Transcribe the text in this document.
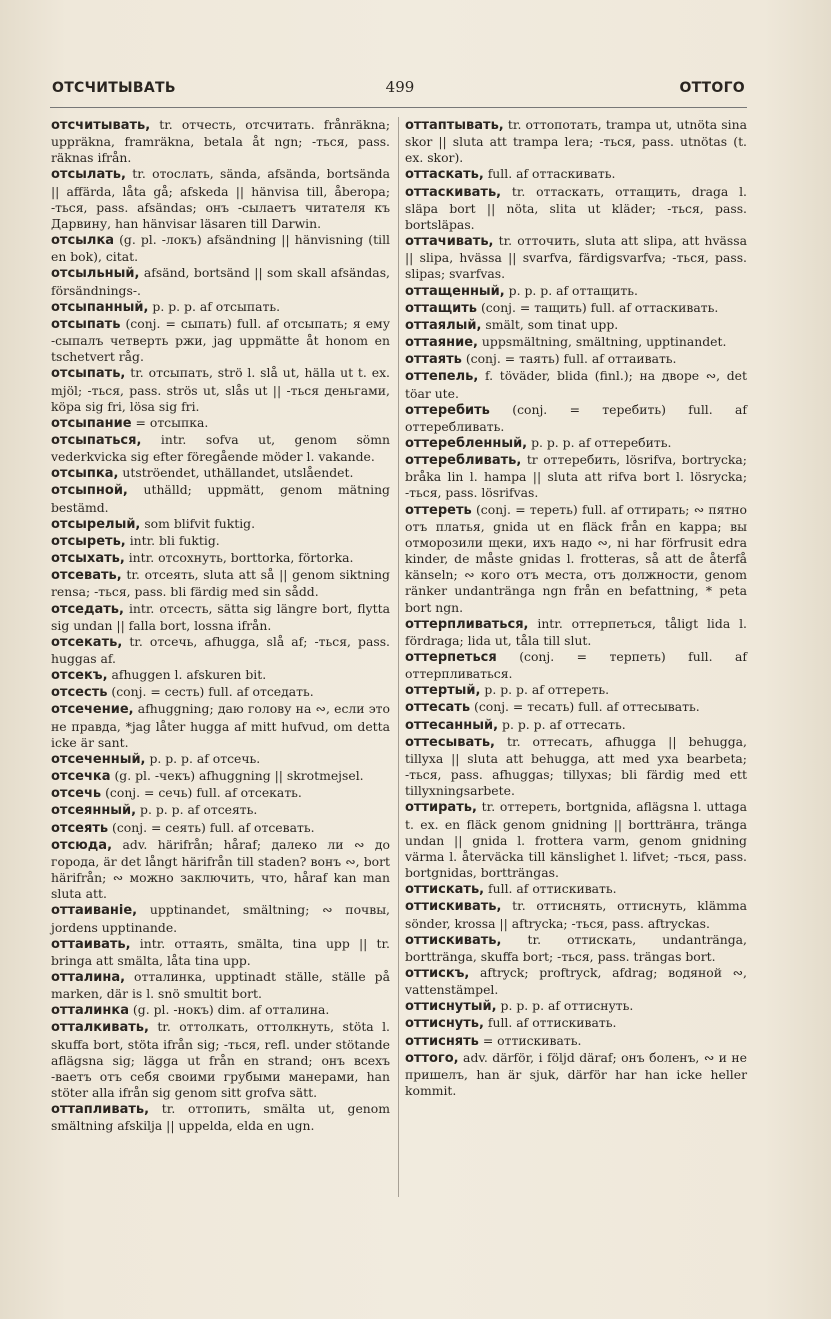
ОТСЧИТЫВАТЬ	499	ОТТОГО

отсчитывать, tr. отчесть, отсчитать. frånräkna; uppräkna, framräkna, betala åt ngn; -ться, pass. räknas ifrån.

отсылать, tr. отослать, sända, afsända, bortsända || affärda, låta gå; afskeda || hänvisa till, åberopa; -ться, pass. afsändas; онъ -сылаетъ читателя къ Дарвину, han hänvisar läsaren till Darwin.

отсылка (g. pl. -локъ) afsändning || hänvisning (till en bok), citat.

отсыльный, afsänd, bortsänd || som skall afsändas, försändnings-.

отсыпанный, p. p. p. af отсыпать.

отсыпать (conj. = сыпать) full. af отсыпать; я ему -сыпалъ четверть ржи, jag uppmätte åt honom en tschetvert råg.

отсыпать, tr. отсыпать, strö l. slå ut, hälla ut t. ex. mjöl; -ться, pass. strös ut, slås ut || -ться деньгами, köpa sig fri, lösa sig fri.

отсыпание = отсыпка.

отсыпаться, intr. sofva ut, genom sömn vederkvicka sig efter föregående möder l. vakande.

отсыпка, utströendet, uthällandet, utslåendet.

отсыпной, uthälld; uppmätt, genom mätning bestämd.

отсырелый, som blifvit fuktig.

отсыреть, intr. bli fuktig.

отсыхать, intr. отсохнуть, borttorka, förtorka.

отсевать, tr. отсеять, sluta att så || genom siktning rensa; -ться, pass. bli färdig med sin sådd.

отседать, intr. отсесть, sätta sig längre bort, flytta sig undan || falla bort, lossna ifrån.

отсекать, tr. отсечь, afhugga, slå af; -ться, pass. huggas af.

отсекъ, afhuggen l. afskuren bit.

отсесть (conj. = сесть) full. af отседать.

отсечение, afhuggning; даю голову на ∾, если это не правда, *jag låter hugga af mitt hufvud, om detta icke är sant.

отсеченный, p. p. p. af отсечь.

отсечка (g. pl. -чекъ) afhuggning || skrotmejsel.

отсечь (conj. = сечь) full. af отсекать.

отсеянный, p. p. p. af отсеять.

отсеять (conj. = сеять) full. af отсевать.

отсюда, adv. härifrån; håraf; далеко ли ∾ до города, är det långt härifrån till staden? вонъ ∾, bort härifrån; ∾ можно заключить, что, håraf kan man sluta att.

оттаиваніе, upptinandet, smältning; ∾ почвы, jordens upptinande.

оттаивать, intr. оттаять, smälta, tina upp || tr. bringa att smälta, låta tina upp.

отталина, отталинка, upptinadt ställe, ställe på marken, där is l. snö smultit bort.

отталинка (g. pl. -нокъ) dim. af отталина.

отталкивать, tr. оттолкать, оттолкнуть, stöta l. skuffa bort, stöta ifrån sig; -ться, refl. under stötande aflägsna sig; lägga ut från en strand; онъ всехъ -ваетъ отъ себя своими грубыми манерами, han stöter alla ifrån sig genom sitt grofva sätt.

оттапливать, tr. оттопить, smälta ut, genom smältning afskilja || uppelda, elda en ugn.

оттаптывать, tr. оттопотать, trampa ut, utnöta sina skor || sluta att trampa lera; -ться, pass. utnötas (t. ex. skor).

оттаскать, full. af оттаскивать.

оттаскивать, tr. оттаскать, оттащить, draga l. släpa bort || nöta, slita ut kläder; -ться, pass. bortsläpas.

оттачивать, tr. отточить, sluta att slipa, att hvässa || slipa, hvässa || svarfva, färdigsvarfva; -ться, pass. slipas; svarfvas.

оттащенный, p. p. p. af оттащить.

оттащить (conj. = тащить) full. af оттаскивать.

оттаялый, smält, som tinat upp.

оттаяние, uppsmältning, smältning, upptinandet.

оттаять (conj. = таять) full. af оттаивать.

оттепель, f. töväder, blida (finl.); на дворе ∾, det töar ute.

оттеребить (conj. = теребить) full. af оттеребливать.

оттеребленный, p. p. p. af оттеребить.

оттеребливать, tr оттеребить, lösrifva, bortrycka; bråka lin l. hampa || sluta att rifva bort l. lösrycka; -ться, pass. lösrifvas.

оттереть (conj. = тереть) full. af оттирать; ∾ пятно отъ платья, gnida ut en fläck från en kappa; вы отморозили щеки, ихъ надо ∾, ni har förfrusit edra kinder, de måste gnidas l. frotteras, så att de återfå känseln; ∾ кого отъ места, отъ должности, genom ränker undantränga ngn från en befattning, * peta bort ngn.

оттерпливаться, intr. оттерпеться, tåligt lida l. fördraga; lida ut, tåla till slut.

оттерпеться (conj. = терпеть) full. af оттерпливаться.

оттертый, p. p. p. af оттереть.

оттесать (conj. = тесать) full. af оттесывать.

оттесанный, p. p. p. af оттесать.

оттесывать, tr. оттесать, afhugga || behugga, tillyxa || sluta att behugga, att med yxa bearbeta; -ться, pass. afhuggas; tillyxas; bli färdig med ett tillyxningsarbete.

оттирать, tr. оттереть, bortgnida, aflägsna l. uttaga t. ex. en fläck genom gnidning || bortträнга, tränga undan || gnida l. frottera varm, genom gnidning värma l. återväcka till känslighet l. lifvet; -ться, pass. bortgnidas, bortträngas.

оттискать, full. af оттискивать.

оттискивать, tr. оттиснять, оттиснуть, klämma sönder, krossa || aftrycka; -ться, pass. aftryckas.

оттискивать, tr. оттискать, undantränga, bortträngа, skuffa bort; -ться, pass. trängas bort.

оттискъ, aftryck; proftryck, afdrag; водяной ∾, vattenstämpel.

оттиснутый, p. p. p. af оттиснуть.

оттиснуть, full. af оттискивать.

оттиснять = оттискивать.

оттого, adv. därför, i följd däraf; онъ боленъ, ∾ и не пришелъ, han är sjuk, därför har han icke heller kommit.
